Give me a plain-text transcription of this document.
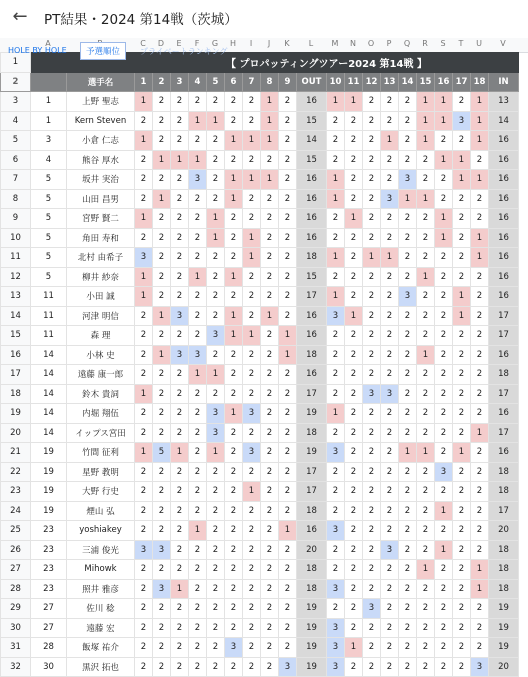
← PT結果・2024 第14戦（茨城）
A	C	D	E	F	G	H	I	J	K	L	M	N	O	P	Q	R	S	T	U	V
1			【 プロパッティングツアー2024 第14戦 】																			
2		選手名	1	2	3	4	5	6	7	8	9	OUT	10	11	12	13	14	15	16	17	18	IN
3	1	上野 聖志	1	2	2	2	2	2	2	1	2	16	1	1	2	2	2	1	1	2	1	13
4	1	Kern Steven	2	2	2	1	1	2	2	1	2	15	2	2	2	2	2	1	1	3	1	14
5	3	小倉 仁志	1	2	2	2	2	1	1	1	2	14	2	2	2	1	2	1	2	2	1	16
6	4	熊谷 厚水	2	1	1	1	2	2	2	2	2	15	2	2	2	2	2	2	1	1	2	16
7	5	坂井 実治	2	2	2	3	2	1	1	1	2	16	1	2	2	2	3	2	2	1	1	16
8	5	山田 昌男	2	1	2	2	2	1	2	2	2	16	1	2	2	3	1	1	2	2	2	16
9	5	宮野 賢二	1	2	2	2	1	2	2	2	2	16	2	1	2	2	2	2	1	2	2	16
10	5	角田 寿和	2	2	2	2	1	2	1	2	2	16	2	2	2	2	2	2	1	2	1	16
11	5	北村 由希子	3	2	2	2	2	2	1	2	2	18	1	2	1	1	2	2	2	2	1	16
12	5	柳井 紗奈	1	2	2	1	2	1	2	2	2	15	2	2	2	2	2	1	2	2	2	16
13	11	小田 誠	1	2	2	2	2	2	2	2	2	17	1	2	2	2	3	2	2	1	2	16
14	11	河津 明信	2	1	3	2	2	1	2	1	2	16	3	1	2	2	2	2	2	1	2	17
15	11	森 理	2	2	2	2	3	1	1	2	1	16	2	2	2	2	2	2	2	2	2	17
16	14	小林 史	2	1	3	3	2	2	2	2	1	18	2	2	2	2	2	1	2	2	2	16
17	14	遠藤 康一郎	2	2	2	1	1	2	2	2	2	16	2	2	2	2	2	2	2	2	2	18
18	14	鈴木 貴詞	1	2	2	2	2	2	2	2	2	17	2	2	3	3	2	2	2	2	2	17
19	14	内堀 翔伍	2	2	2	2	3	1	3	2	2	19	1	2	2	2	2	2	2	2	2	16
20	14	イップス宮田	2	2	2	2	3	2	2	2	2	18	2	2	2	2	2	2	2	2	1	17
21	19	竹間 征利	1	5	1	2	1	2	3	2	2	19	3	2	2	2	1	1	2	1	2	16
22	19	星野 教明	2	2	2	2	2	2	2	2	2	17	2	2	2	2	2	2	3	2	2	18
23	19	大野 行史	2	2	2	2	2	2	1	2	2	17	2	2	2	2	2	2	2	2	2	18
24	19	煙山 弘	2	2	2	2	2	2	2	2	2	18	2	2	2	2	2	2	1	2	2	17
25	23	yoshiakey	2	2	2	1	2	2	2	2	1	16	3	2	2	2	2	2	2	2	2	20
26	23	三浦 俊光	3	3	2	2	2	2	2	2	2	20	2	2	2	3	2	2	1	2	2	18
27	23	Mihowk	2	2	2	2	2	2	2	2	2	18	2	2	2	2	2	1	2	2	1	18
28	23	照井 雅彦	2	3	1	2	2	2	2	2	2	18	3	2	2	2	2	2	2	2	1	18
29	27	佐川 稔	2	2	2	2	2	2	2	2	2	19	2	2	3	2	2	2	2	2	2	19
30	27	遠藤 宏	2	2	2	2	2	2	2	2	2	19	3	2	2	2	2	2	2	2	2	19
31	28	飯塚 祐介	2	2	2	2	2	3	2	2	2	19	3	1	2	2	2	2	2	2	2	19
32	30	黒沢 拓也	2	2	2	2	2	2	2	2	3	19	3	2	2	2	2	2	2	2	3	20
HOLE BY HOLE	予選順位	プライベートランキング
